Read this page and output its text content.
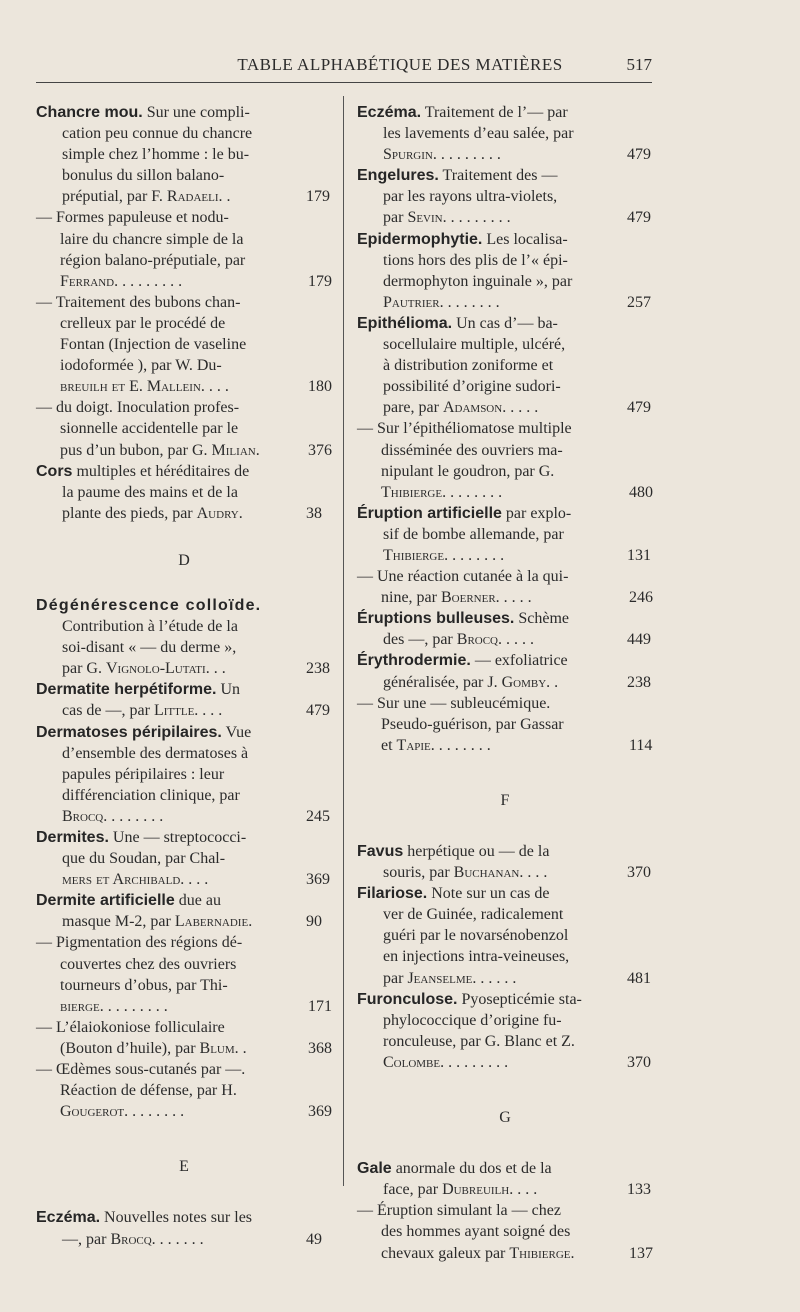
TABLE ALPHABÉTIQUE DES MATIÈRES	517
Chancre mou. Sur une compli-
cation peu connue du chancre
simple chez l’homme : le bu-
bonulus du sillon balano-
préputial, par F. Radaeli. .	179
— Formes papuleuse et nodu-
laire du chancre simple de la
région balano-préputiale, par
Ferrand. . . . . . . . .	179
— Traitement des bubons chan-
crelleux par le procédé de
Fontan (Injection de vaseline
iodoformée ), par W. Du-
breuilh et E. Mallein. . . .	180
— du doigt. Inoculation profes-
sionnelle accidentelle par le
pus d’un bubon, par G. Milian.	376
Cors multiples et héréditaires de
la paume des mains et de la
plante des pieds, par Audry.	38
D
Dégénérescence colloïde.
Contribution à l’étude de la
soi-disant « — du derme »,
par G. Vignolo-Lutati. . .	238
Dermatite herpétiforme. Un
cas de —, par Little. . . .	479
Dermatoses péripilaires. Vue
d’ensemble des dermatoses à
papules péripilaires : leur
différenciation clinique, par
Brocq. . . . . . . .	245
Dermites. Une — streptococci-
que du Soudan, par Chal-
mers et Archibald. . . .	369
Dermite artificielle due au
masque M-2, par Labernadie.	90
— Pigmentation des régions dé-
couvertes chez des ouvriers
tourneurs d’obus, par Thi-
bierge. . . . . . . . .	171
— L’élaiokoniose folliculaire
(Bouton d’huile), par Blum. .	368
— Œdèmes sous-cutanés par —.
Réaction de défense, par H.
Gougerot. . . . . . . .	369
E
Eczéma. Nouvelles notes sur les
—, par Brocq. . . . . . .	49
Eczéma. Traitement de l’— par
les lavements d’eau salée, par
Spurgin. . . . . . . . .	479
Engelures. Traitement des —
par les rayons ultra-violets,
par Sevin. . . . . . . . .	479
Epidermophytie. Les localisa-
tions hors des plis de l’« épi-
dermophyton inguinale », par
Pautrier. . . . . . . .	257
Epithélioma. Un cas d’— ba-
socellulaire multiple, ulcéré,
à distribution zoniforme et
possibilité d’origine sudori-
pare, par Adamson. . . . .	479
— Sur l’épithéliomatose multiple
disséminée des ouvriers ma-
nipulant le goudron, par G.
Thibierge. . . . . . . .	480
Éruption artificielle par explo-
sif de bombe allemande, par
Thibierge. . . . . . . .	131
— Une réaction cutanée à la qui-
nine, par Boerner. . . . .	246
Éruptions bulleuses. Schème
des —, par Brocq. . . . .	449
Érythrodermie. — exfoliatrice
généralisée, par J. Gomby. .	238
— Sur une — subleucémique.
Pseudo-guérison, par Gassar
et Tapie. . . . . . . .	114
F
Favus herpétique ou — de la
souris, par Buchanan. . . .	370
Filariose. Note sur un cas de
ver de Guinée, radicalement
guéri par le novarsénobenzol
en injections intra-veineuses,
par Jeanselme. . . . . .	481
Furonculose. Pyosepticémie sta-
phylococcique d’origine fu-
ronculeuse, par G. Blanc et Z.
Colombe. . . . . . . . .	370
G
Gale anormale du dos et de la
face, par Dubreuilh. . . .	133
— Éruption simulant la — chez
des hommes ayant soigné des
chevaux galeux par Thibierge.	137
